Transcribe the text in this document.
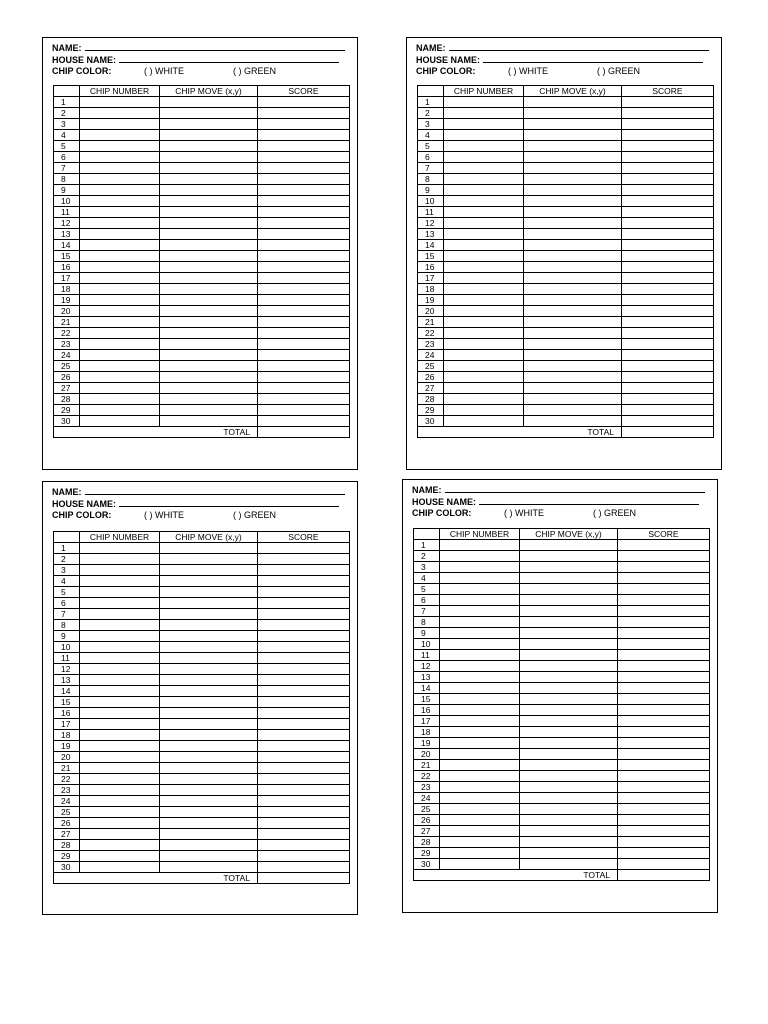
NAME:
HOUSE NAME:
CHIP COLOR:	( ) WHITE	( ) GREEN
	CHIP NUMBER	CHIP MOVE (x,y)	SCORE
1			
2			
3			
4			
5			
6			
7			
8			
9			
10			
11			
12			
13			
14			
15			
16			
17			
18			
19			
20			
21			
22			
23			
24			
25			
26			
27			
28			
29			
30			
		TOTAL	
NAME:
HOUSE NAME:
CHIP COLOR:	( ) WHITE	( ) GREEN
	CHIP NUMBER	CHIP MOVE (x,y)	SCORE
1			
2			
3			
4			
5			
6			
7			
8			
9			
10			
11			
12			
13			
14			
15			
16			
17			
18			
19			
20			
21			
22			
23			
24			
25			
26			
27			
28			
29			
30			
		TOTAL	
NAME:
HOUSE NAME:
CHIP COLOR:	( ) WHITE	( ) GREEN
	CHIP NUMBER	CHIP MOVE (x,y)	SCORE
1			
2			
3			
4			
5			
6			
7			
8			
9			
10			
11			
12			
13			
14			
15			
16			
17			
18			
19			
20			
21			
22			
23			
24			
25			
26			
27			
28			
29			
30			
		TOTAL	
NAME:
HOUSE NAME:
CHIP COLOR:	( ) WHITE	( ) GREEN
	CHIP NUMBER	CHIP MOVE (x,y)	SCORE
1			
2			
3			
4			
5			
6			
7			
8			
9			
10			
11			
12			
13			
14			
15			
16			
17			
18			
19			
20			
21			
22			
23			
24			
25			
26			
27			
28			
29			
30			
		TOTAL	
